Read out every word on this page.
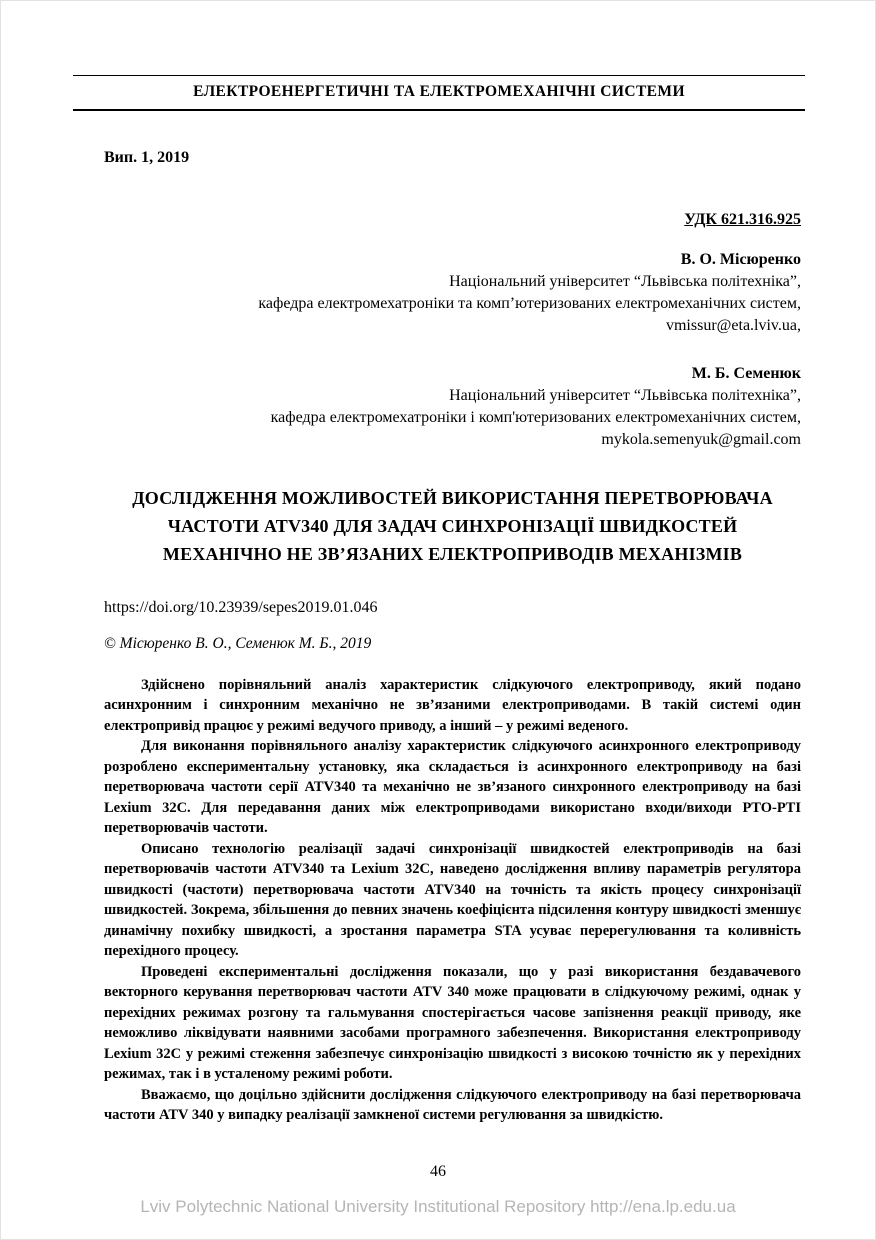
ЕЛЕКТРОЕНЕРГЕТИЧНІ ТА ЕЛЕКТРОМЕХАНІЧНІ СИСТЕМИ
Вип. 1, 2019
УДК 621.316.925
В. О. Місюренко
Національний університет “Львівська політехніка”,
кафедра електромехатроніки та комп’ютеризованих електромеханічних систем,
vmissur@eta.lviv.ua,
М. Б. Семенюк
Національний університет “Львівська політехніка”,
кафедра електромехатроніки і комп'ютеризованих електромеханічних систем,
mykola.semenyuk@gmail.com
ДОСЛІДЖЕННЯ МОЖЛИВОСТЕЙ ВИКОРИСТАННЯ ПЕРЕТВОРЮВАЧА ЧАСТОТИ ATV340 ДЛЯ ЗАДАЧ СИНХРОНІЗАЦІЇ ШВИДКОСТЕЙ МЕХАНІЧНО НЕ ЗВ’ЯЗАНИХ ЕЛЕКТРОПРИВОДІВ МЕХАНІЗМІВ
https://doi.org/10.23939/sepes2019.01.046
© Місюренко В. О., Семенюк М. Б., 2019

Здійснено порівняльний аналіз характеристик слідкуючого електроприводу, який подано асинхронним і синхронним механічно не зв’язаними електроприводами. В такій системі один електропривід працює у режимі ведучого приводу, а інший – у режимі веденого.

Для виконання порівняльного аналізу характеристик слідкуючого асинхронного електроприводу розроблено експериментальну установку, яка складається із асинхронного електроприводу на базі перетворювача частоти серії ATV340 та механічно не зв’язаного синхронного електроприводу на базі Lexium 32C. Для передавання даних між електроприводами використано входи/виходи PTO-PTI перетворювачів частоти.

Описано технологію реалізації задачі синхронізації швидкостей електроприводів на базі перетворювачів частоти ATV340 та Lexium 32C, наведено дослідження впливу параметрів регулятора швидкості (частоти) перетворювача частоти ATV340 на точність та якість процесу синхронізації швидкостей. Зокрема, збільшення до певних значень коефіцієнта підсилення контуру швидкості зменшує динамічну похибку швидкості, а зростання параметра STA усуває перерегулювання та коливність перехідного процесу.

Проведені експериментальні дослідження показали, що у разі використання бездавачевого векторного керування перетворювач частоти ATV 340 може працювати в слідкуючому режимі, однак у перехідних режимах розгону та гальмування спостерігається часове запізнення реакції приводу, яке неможливо ліквідувати наявними засобами програмного забезпечення. Використання електроприводу Lexium 32C у режимі стеження забезпечує синхронізацію швидкості з високою точністю як у перехідних режимах, так і в усталеному режимі роботи.

Вважаємо, що доцільно здійснити дослідження слідкуючого електроприводу на базі перетворювача частоти ATV 340 у випадку реалізації замкненої системи регулювання за швидкістю.

46
Lviv Polytechnic National University Institutional Repository http://ena.lp.edu.ua
